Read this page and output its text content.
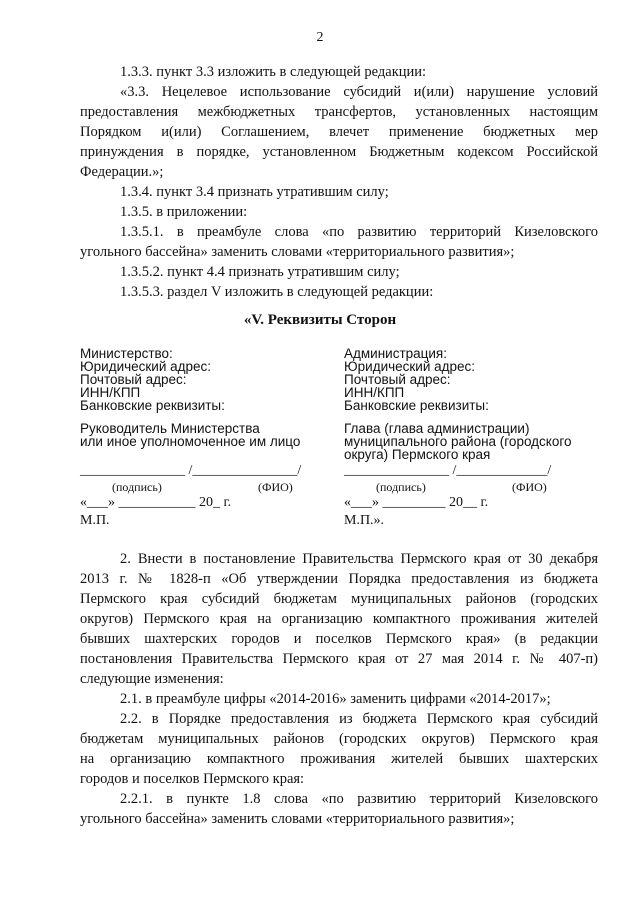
2
1.3.3. пункт 3.3 изложить в следующей редакции:
«3.3. Нецелевое использование субсидий и(или) нарушение условий
предоставления межбюджетных трансфертов, установленных настоящим
Порядком и(или) Соглашением, влечет применение бюджетных мер
принуждения в порядке, установленном Бюджетным кодексом Российской
Федерации.»;
1.3.4. пункт 3.4 признать утратившим силу;
1.3.5. в приложении:
1.3.5.1. в преамбуле слова «по развитию территорий Кизеловского
угольного бассейна» заменить словами «территориального развития»;
1.3.5.2. пункт 4.4 признать утратившим силу;
1.3.5.3. раздел V изложить в следующей редакции:
«V. Реквизиты Сторон
Министерство:
Юридический адрес:
Почтовый адрес:
ИНН/КПП
Банковские реквизиты:
Руководитель Министерства
или иное уполномоченное им лицо
_______________ /_______________/
(подпись)	(ФИО)
«___» ___________ 20_ г.
М.П.
Администрация:
Юридический адрес:
Почтовый адрес:
ИНН/КПП
Банковские реквизиты:
Глава (глава администрации)
муниципального района (городского
округа) Пермского края
_______________ /_____________/
(подпись)	(ФИО)
«___» _________ 20__ г.
М.П.».
2. Внести в постановление Правительства Пермского края от 30 декабря
2013 г. № 1828-п «Об утверждении Порядка предоставления из бюджета
Пермского края субсидий бюджетам муниципальных районов (городских
округов) Пермского края на организацию компактного проживания жителей
бывших шахтерских городов и поселков Пермского края» (в редакции
постановления Правительства Пермского края от 27 мая 2014 г. № 407-п)
следующие изменения:
2.1. в преамбуле цифры «2014-2016» заменить цифрами «2014-2017»;
2.2. в Порядке предоставления из бюджета Пермского края субсидий
бюджетам муниципальных районов (городских округов) Пермского края
на организацию компактного проживания жителей бывших шахтерских
городов и поселков Пермского края:
2.2.1. в пункте 1.8 слова «по развитию территорий Кизеловского
угольного бассейна» заменить словами «территориального развития»;
